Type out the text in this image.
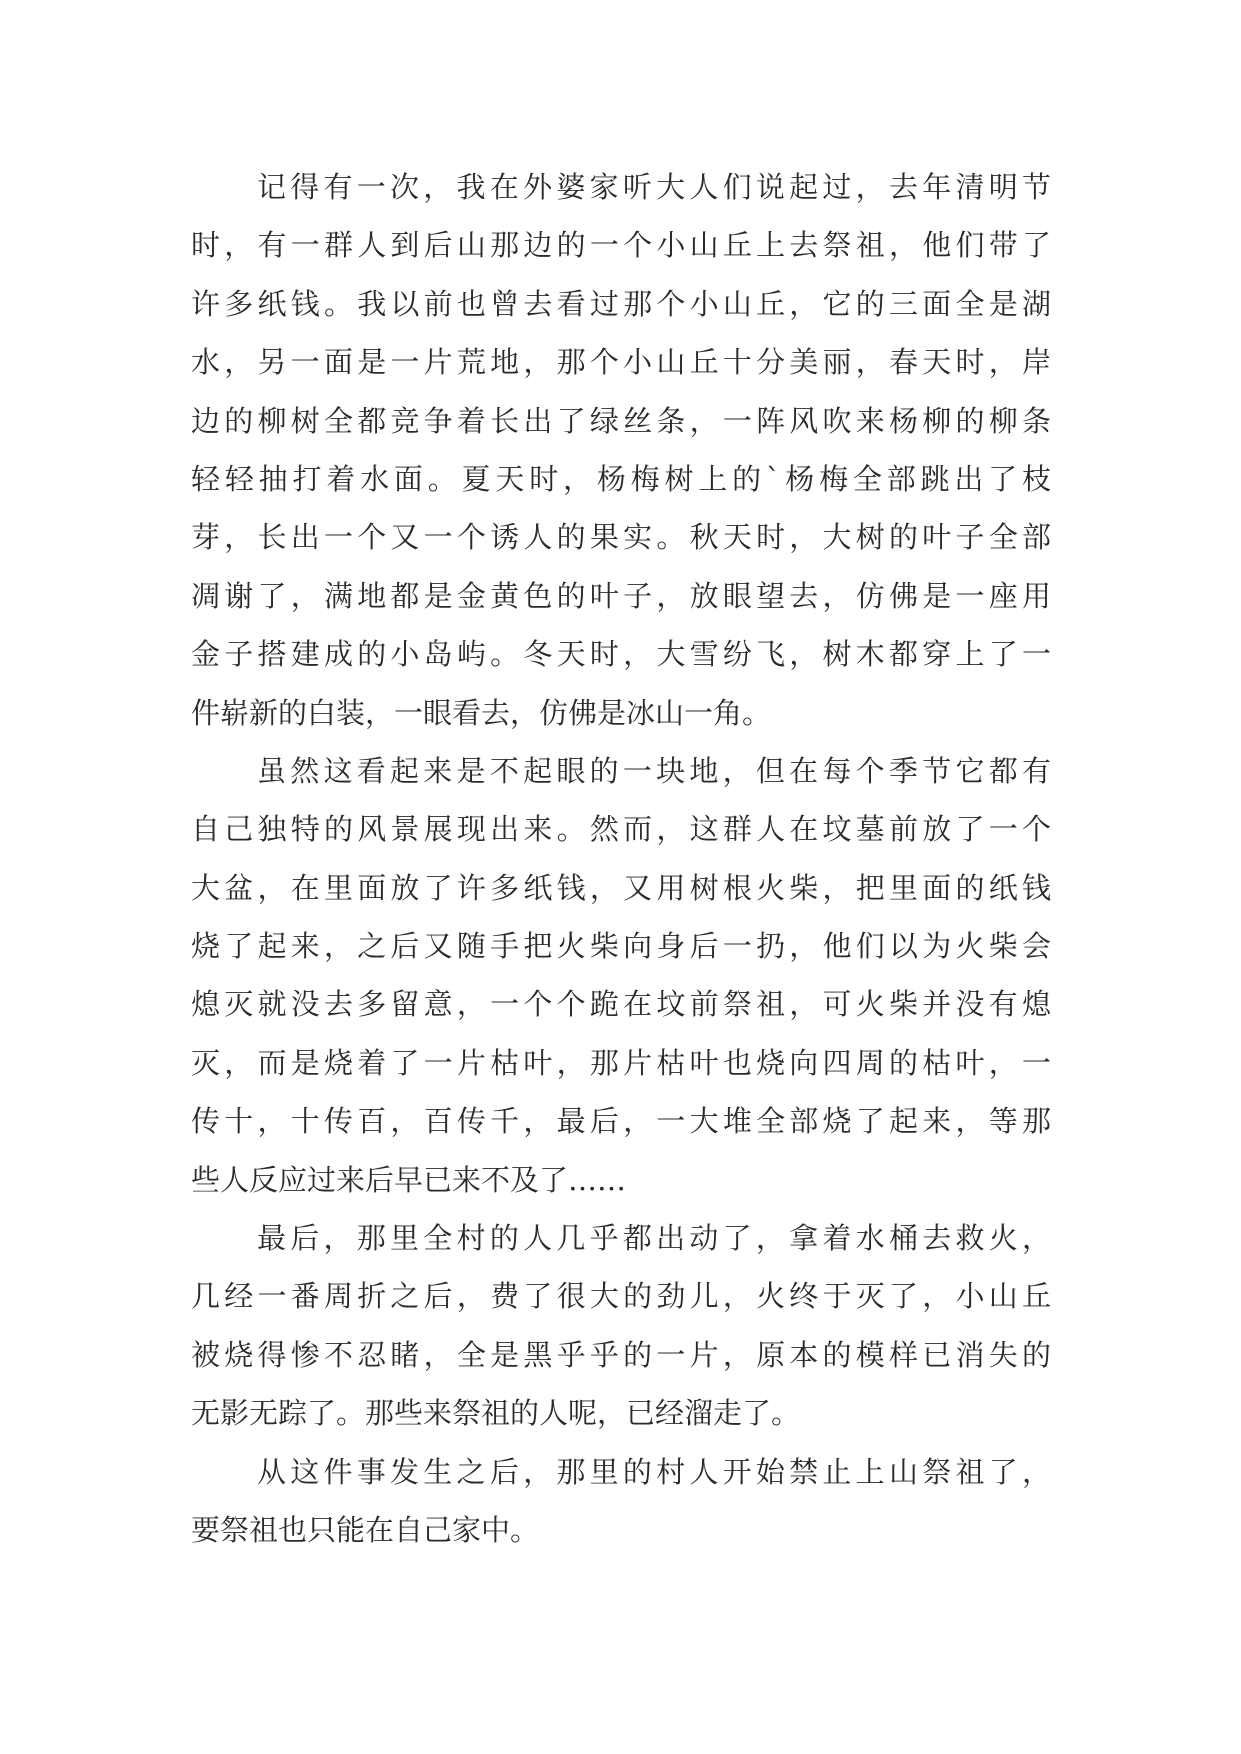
记得有一次，我在外婆家听大人们说起过，去年清明节
时，有一群人到后山那边的一个小山丘上去祭祖，他们带了
许多纸钱。我以前也曾去看过那个小山丘，它的三面全是湖
水，另一面是一片荒地，那个小山丘十分美丽，春天时，岸
边的柳树全都竞争着长出了绿丝条，一阵风吹来杨柳的柳条
轻轻抽打着水面。夏天时，杨梅树上的`杨梅全部跳出了枝
芽，长出一个又一个诱人的果实。秋天时，大树的叶子全部
凋谢了，满地都是金黄色的叶子，放眼望去，仿佛是一座用
金子搭建成的小岛屿。冬天时，大雪纷飞，树木都穿上了一
件崭新的白装，一眼看去，仿佛是冰山一角。
虽然这看起来是不起眼的一块地，但在每个季节它都有
自己独特的风景展现出来。然而，这群人在坟墓前放了一个
大盆，在里面放了许多纸钱，又用树根火柴，把里面的纸钱
烧了起来，之后又随手把火柴向身后一扔，他们以为火柴会
熄灭就没去多留意，一个个跪在坟前祭祖，可火柴并没有熄
灭，而是烧着了一片枯叶，那片枯叶也烧向四周的枯叶，一
传十，十传百，百传千，最后，一大堆全部烧了起来，等那
些人反应过来后早已来不及了……
最后，那里全村的人几乎都出动了，拿着水桶去救火，
几经一番周折之后，费了很大的劲儿，火终于灭了，小山丘
被烧得惨不忍睹，全是黑乎乎的一片，原本的模样已消失的
无影无踪了。那些来祭祖的人呢，已经溜走了。
从这件事发生之后，那里的村人开始禁止上山祭祖了，
要祭祖也只能在自己家中。
